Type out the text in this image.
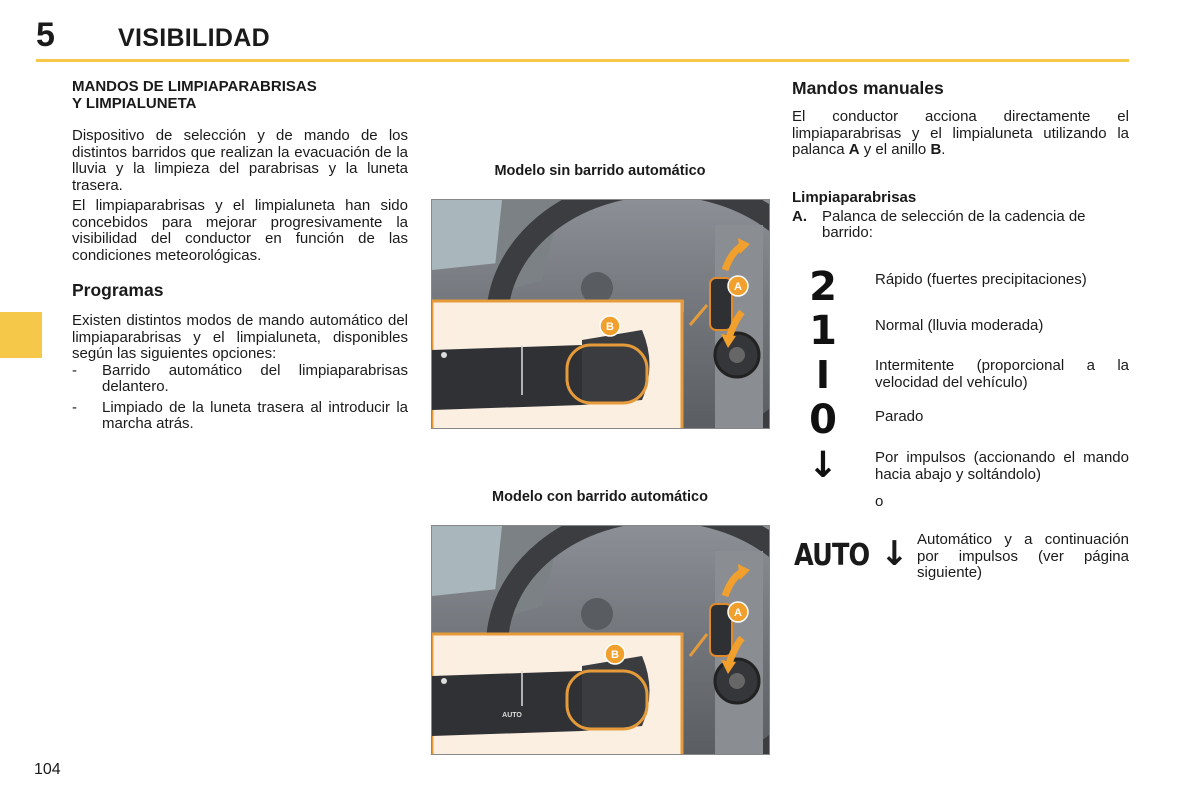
5	VISIBILIDAD
MANDOS DE LIMPIAPARABRISAS
Y LIMPIALUNETA

Dispositivo de selección y de mando de los distintos barridos que realizan la evacuación de la lluvia y la limpieza del parabrisas y la luneta trasera.

El limpiaparabrisas y el limpialuneta han sido concebidos para mejorar progresivamente la visibilidad del conductor en función de las condiciones meteorológicas.

Programas

Existen distintos modos de mando automático del limpiaparabrisas y el limpialuneta, disponibles según las siguientes opciones:

- Barrido automático del limpiaparabrisas delantero.
- Limpiado de la luneta trasera al introducir la marcha atrás.
Modelo sin barrido automático
A
B
Modelo con barrido automático
A
AUTO
B
Mandos manuales

El conductor acciona directamente el limpiaparabrisas y el limpialuneta utilizando la palanca A y el anillo B.

Limpiaparabrisas
A. Palanca de selección de la cadencia de barrido:
2	Rápido (fuertes precipitaciones)
1	Normal (lluvia moderada)
I	Intermitente (proporcional a la velocidad del vehículo)
0	Parado
↓	Por impulsos (accionando el mando hacia abajo y soltándolo)
o
AUTO ↓ Automático y a continuación por impulsos (ver página siguiente)
104
